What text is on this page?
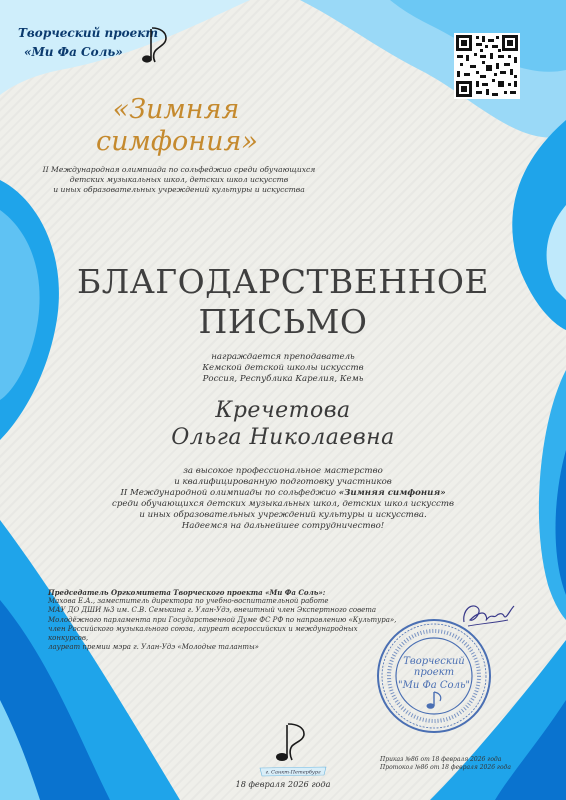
Творческий проект
«Ми Фа Соль»
«Зимняя
симфония»
II Международная олимпиада по сольфеджио среди обучающихся
детских музыкальных школ, детских школ искусств
и иных образовательных учреждений культуры и искусства
БЛАГОДАРСТВЕННОЕ
ПИСЬМО
награждается преподаватель
Кемской детской школы искусств
Россия, Республика Карелия, Кемь
Кречетова
Ольга Николаевна
за высокое профессиональное мастерство
и квалифицированную подготовку участников
II Международной олимпиады по сольфеджио «Зимняя симфония»
среди обучающихся детских музыкальных школ, детских школ искусств
и иных образовательных учреждений культуры и искусства.
Надеемся на дальнейшее сотрудничество!
Председатель Оргкомитета Творческого проекта «Ми Фа Соль»:
Махова Е.А., заместитель директора по учебно-воспитательной работе
МАУ ДО ДШИ №3 им. С.В. Семькина г. Улан-Удэ, внештный член Экспертного совета
Молодёжного парламента при Государственной Думе ФС РФ по направлению «Культура»,
член Российского музыкального союза, лауреат всероссийских и международных конкурсов,
лауреат премии мэра г. Улан-Удэ «Молодые таланты»
Творческий
проект
"Ми Фа Соль"
г. Санкт-Петербург
18 февраля 2026 года
Приказ №86 от 18 февраля 2026 года
Протокол №86 от 18 февраля 2026 года
